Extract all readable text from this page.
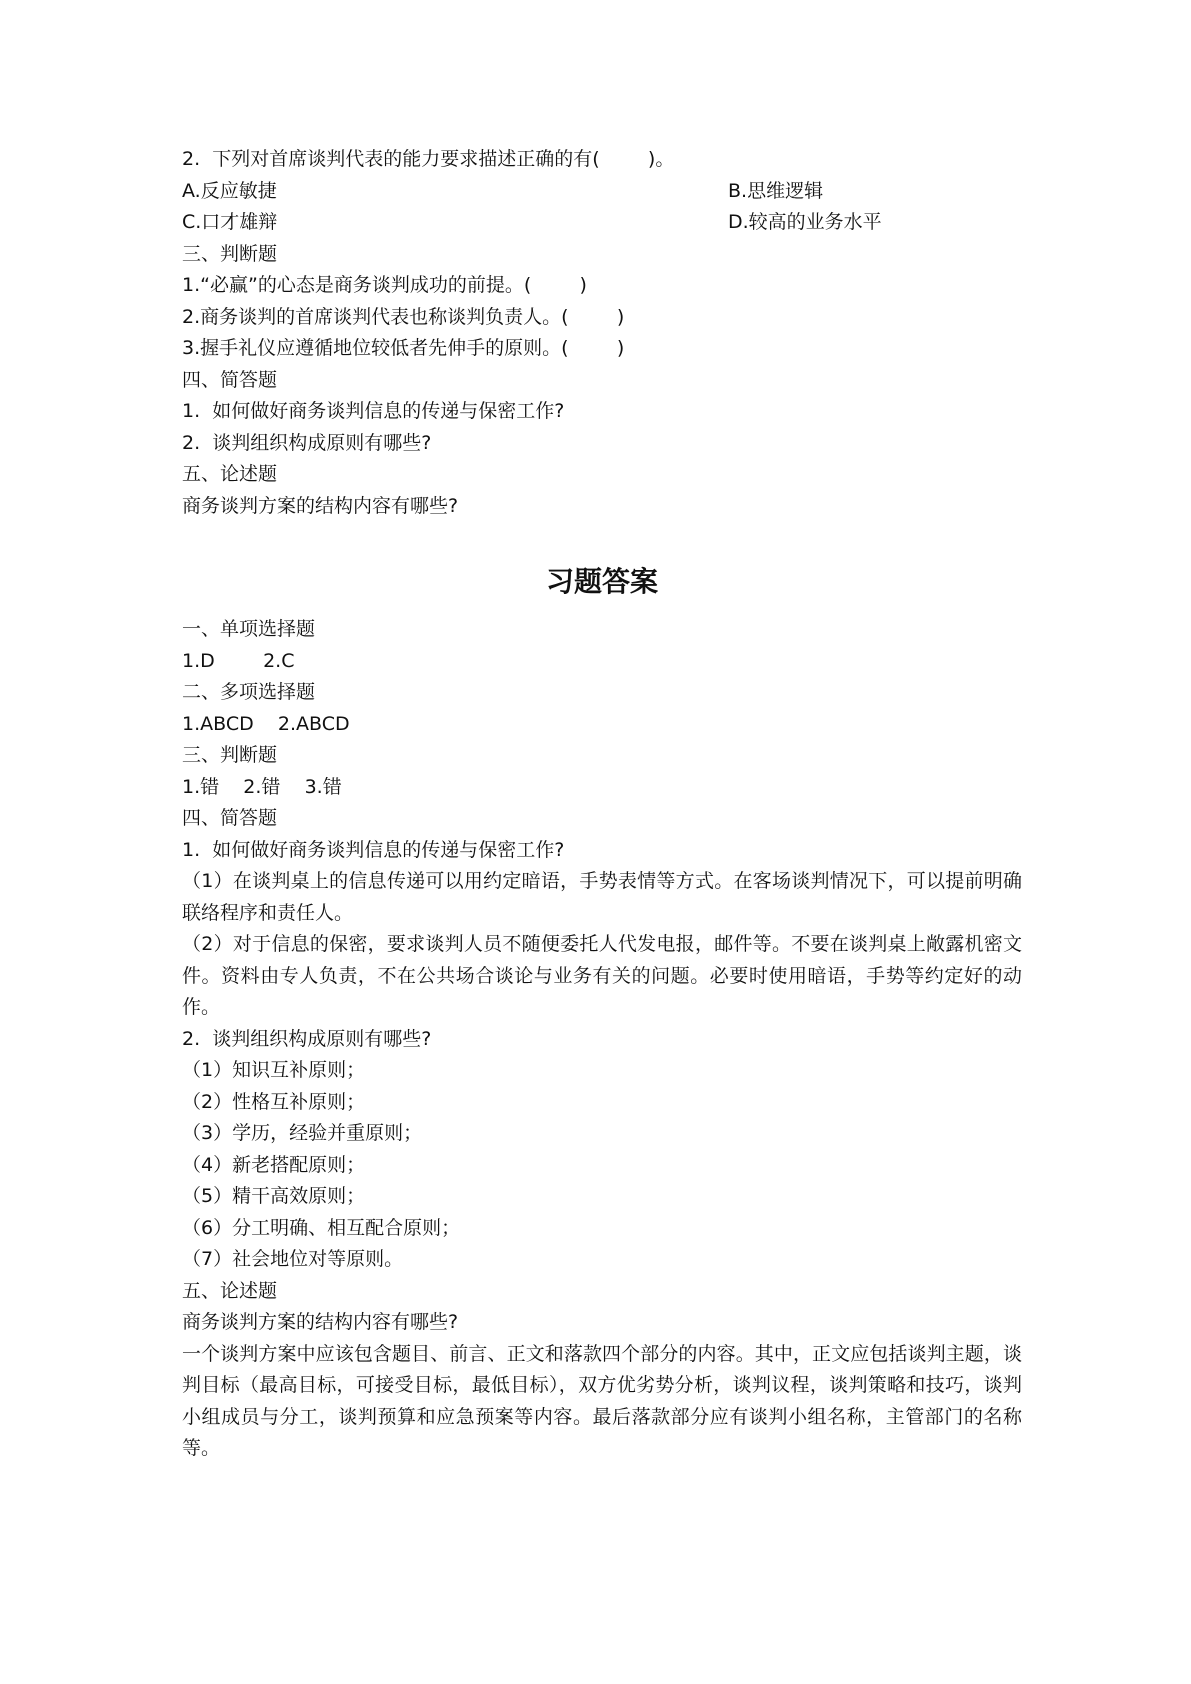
2.  下列对首席谈判代表的能力要求描述正确的有(        )。

A.反应敏捷	B.思维逻辑
C.口才雄辩	D.较高的业务水平

三、判断题

1.“必赢”的心态是商务谈判成功的前提。(        )

2.商务谈判的首席谈判代表也称谈判负责人。(        )

3.握手礼仪应遵循地位较低者先伸手的原则。(        )

四、简答题

1.  如何做好商务谈判信息的传递与保密工作?

2.  谈判组织构成原则有哪些?

五、论述题

商务谈判方案的结构内容有哪些?

习题答案

一、单项选择题

1.D        2.C

二、多项选择题

1.ABCD    2.ABCD

三、判断题

1.错    2.错    3.错

四、简答题

1.  如何做好商务谈判信息的传递与保密工作?

（1）在谈判桌上的信息传递可以用约定暗语，手势表情等方式。在客场谈判情况下，可以提前明确联络程序和责任人。

（2）对于信息的保密，要求谈判人员不随便委托人代发电报，邮件等。不要在谈判桌上敞露机密文件。资料由专人负责，不在公共场合谈论与业务有关的问题。必要时使用暗语，手势等约定好的动作。

2.  谈判组织构成原则有哪些?

（1）知识互补原则；

（2）性格互补原则；

（3）学历，经验并重原则；

（4）新老搭配原则；

（5）精干高效原则；

（6）分工明确、相互配合原则；

（7）社会地位对等原则。

五、论述题

商务谈判方案的结构内容有哪些?

一个谈判方案中应该包含题目、前言、正文和落款四个部分的内容。其中，正文应包括谈判主题，谈判目标（最高目标，可接受目标，最低目标），双方优劣势分析，谈判议程，谈判策略和技巧，谈判小组成员与分工，谈判预算和应急预案等内容。最后落款部分应有谈判小组名称，主管部门的名称等。
